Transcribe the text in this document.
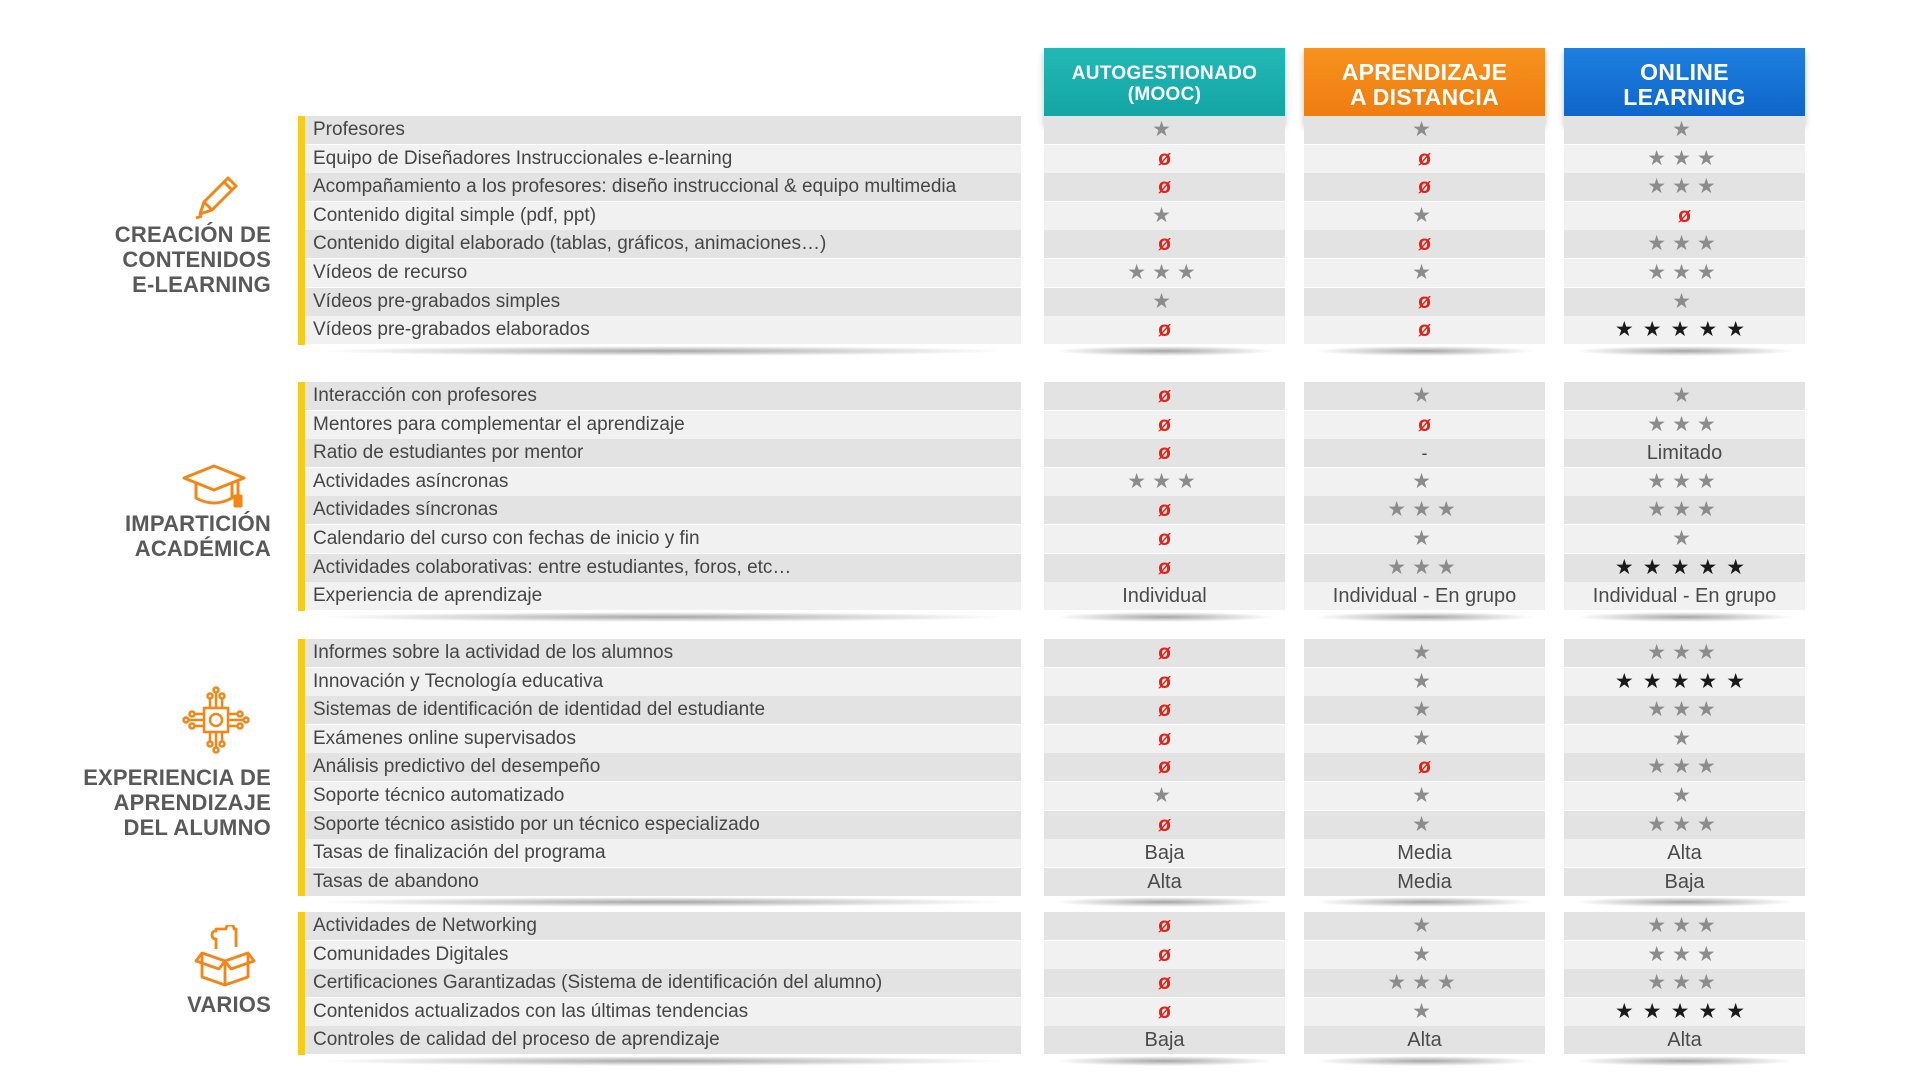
AUTOGESTIONADO
(MOOC)
APRENDIZAJE
A DISTANCIA
ONLINE
LEARNING
CREACIÓN DE
CONTENIDOS
E-LEARNING
Profesores	★	★	★
Equipo de Diseñadores Instruccionales e-learning	ø	ø	★★★
Acompañamiento a los profesores: diseño instruccional & equipo multimedia	ø	ø	★★★
Contenido digital simple (pdf, ppt)	★	★	ø
Contenido digital elaborado (tablas, gráficos, animaciones…)	ø	ø	★★★
Vídeos de recurso	★★★	★	★★★
Vídeos pre-grabados simples	★	ø	★
Vídeos pre-grabados elaborados	ø	ø	★★★★★
IMPARTICIÓN
ACADÉMICA
Interacción con profesores	ø	★	★
Mentores para complementar el aprendizaje	ø	ø	★★★
Ratio de estudiantes por mentor	ø	-	Limitado
Actividades asíncronas	★★★	★	★★★
Actividades síncronas	ø	★★★	★★★
Calendario del curso con fechas de inicio y fin	ø	★	★
Actividades colaborativas: entre estudiantes, foros, etc…	ø	★★★	★★★★★
Experiencia de aprendizaje	Individual	Individual - En grupo	Individual - En grupo
EXPERIENCIA DE
APRENDIZAJE
DEL ALUMNO
Informes sobre la actividad de los alumnos	ø	★	★★★
Innovación y Tecnología educativa	ø	★	★★★★★
Sistemas de identificación de identidad del estudiante	ø	★	★★★
Exámenes online supervisados	ø	★	★
Análisis predictivo del desempeño	ø	ø	★★★
Soporte técnico automatizado	★	★	★
Soporte técnico asistido por un técnico especializado	ø	★	★★★
Tasas de finalización del programa	Baja	Media	Alta
Tasas de abandono	Alta	Media	Baja
VARIOS
Actividades de Networking	ø	★	★★★
Comunidades Digitales	ø	★	★★★
Certificaciones Garantizadas (Sistema de identificación del alumno)	ø	★★★	★★★
Contenidos actualizados con las últimas tendencias	ø	★	★★★★★
Controles de calidad del proceso de aprendizaje	Baja	Alta	Alta
